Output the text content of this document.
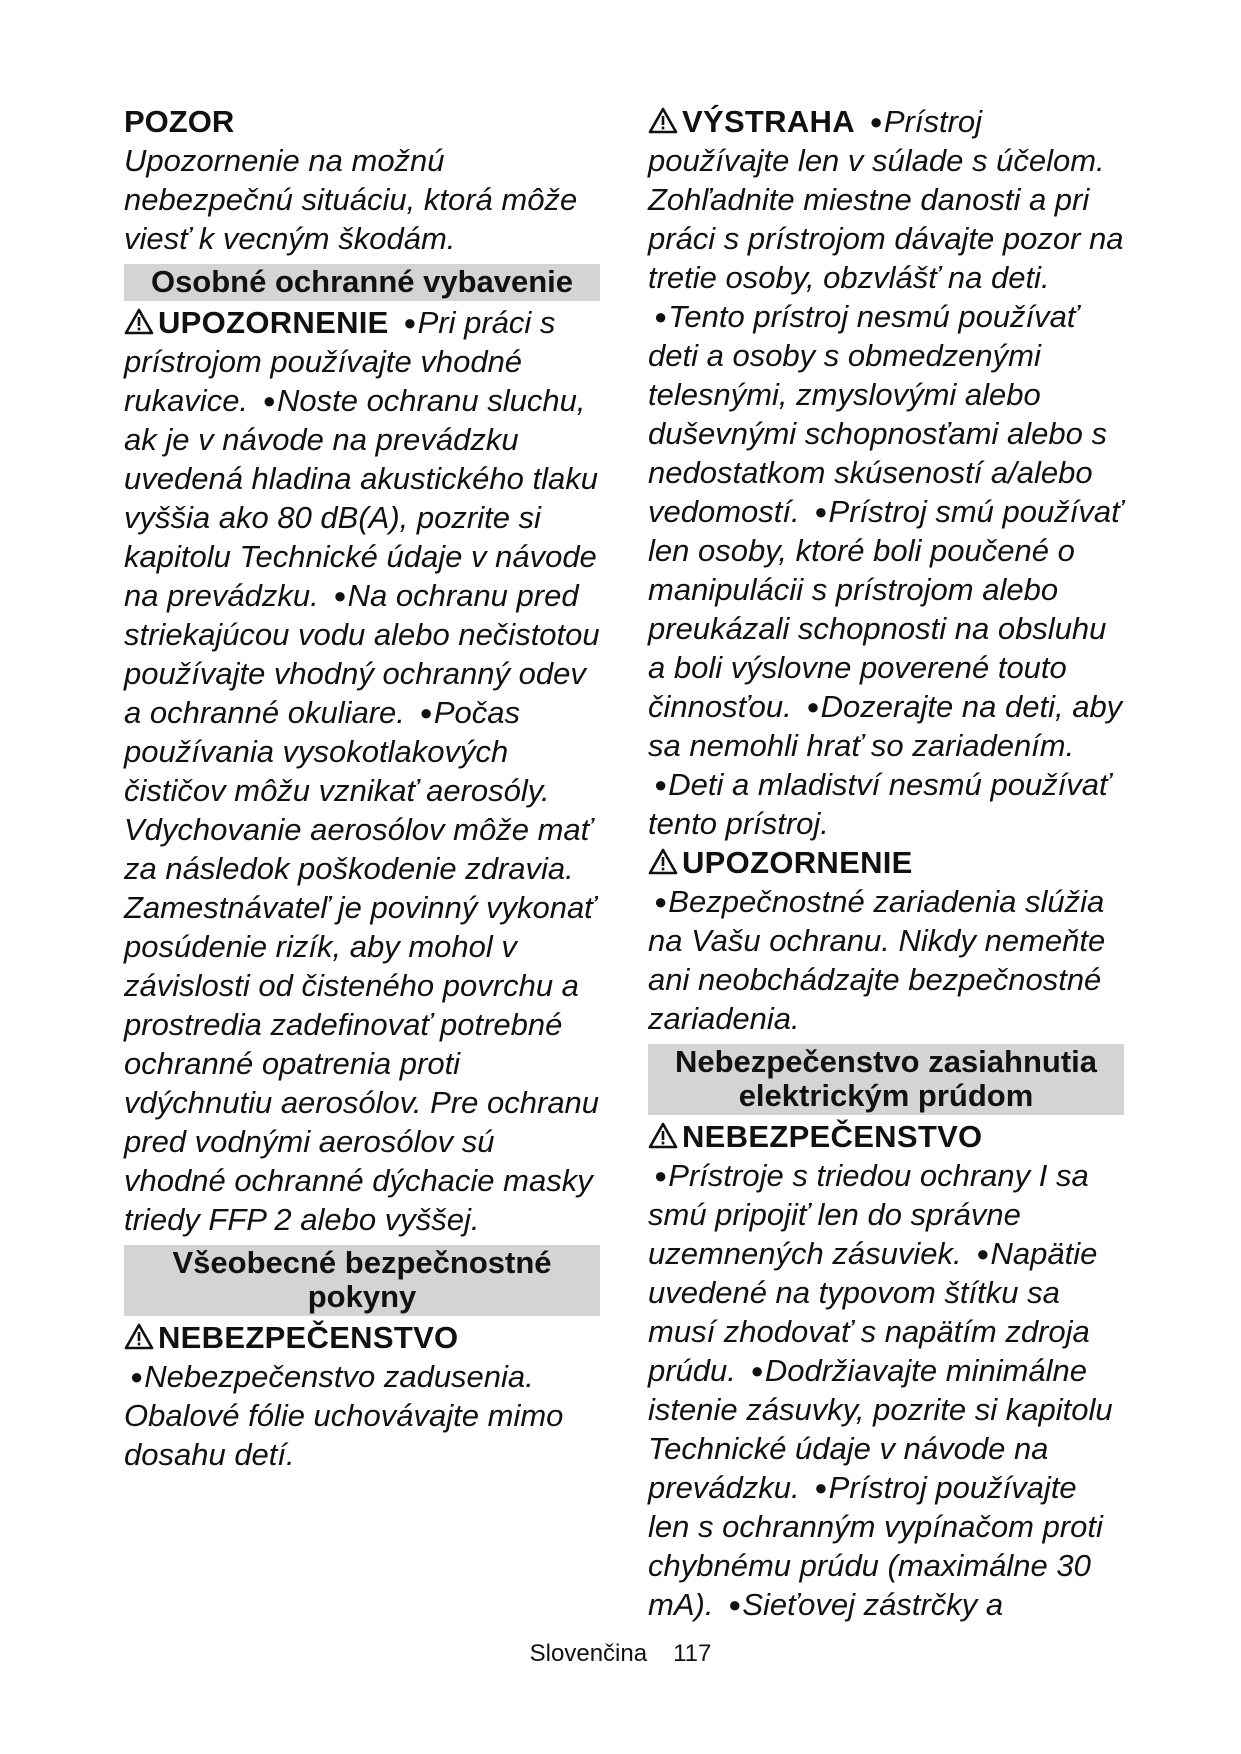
POZOR
Upozornenie na možnú nebezpečnú situáciu, ktorá môže viesť k vecným škodám.

Osobné ochranné vybavenie

UPOZORNENIE ●Pri práci s prístrojom používajte vhodné rukavice. ●Noste ochranu sluchu, ak je v návode na prevádzku uvedená hladina akustického tlaku vyššia ako 80 dB(A), pozrite si kapitolu Technické údaje v návode na prevádzku. ●Na ochranu pred striekajúcou vodu alebo nečistotou používajte vhodný ochranný odev a ochranné okuliare. ●Počas používania vysokotlakových čističov môžu vznikať aerosóly. Vdychovanie aerosólov môže mať za následok poškodenie zdravia. Zamestnávateľ je povinný vykonať posúdenie rizík, aby mohol v závislosti od čisteného povrchu a prostredia zadefinovať potrebné ochranné opatrenia proti vdýchnutiu aerosólov. Pre ochranu pred vodnými aerosólov sú vhodné ochranné dýchacie masky triedy FFP 2 alebo vyššej.

Všeobecné bezpečnostné pokyny

NEBEZPEČENSTVO ●Nebezpečenstvo zadusenia. Obalové fólie uchovávajte mimo dosahu detí.

VÝSTRAHA ●Prístroj používajte len v súlade s účelom. Zohľadnite miestne danosti a pri práci s prístrojom dávajte pozor na tretie osoby, obzvlášť na deti. ●Tento prístroj nesmú používať deti a osoby s obmedzenými telesnými, zmyslovými alebo duševnými schopnosťami alebo s nedostatkom skúseností a/alebo vedomostí. ●Prístroj smú používať len osoby, ktoré boli poučené o manipulácii s prístrojom alebo preukázali schopnosti na obsluhu a boli výslovne poverené touto činnosťou. ●Dozerajte na deti, aby sa nemohli hrať so zariadením. ●Deti a mladiství nesmú používať tento prístroj.

UPOZORNENIE ●Bezpečnostné zariadenia slúžia na Vašu ochranu. Nikdy nemeňte ani neobchádzajte bezpečnostné zariadenia.

Nebezpečenstvo zasiahnutia elektrickým prúdom

NEBEZPEČENSTVO ●Prístroje s triedou ochrany I sa smú pripojiť len do správne uzemnených zásuviek. ●Napätie uvedené na typovom štítku sa musí zhodovať s napätím zdroja prúdu. ●Dodržiavajte minimálne istenie zásuvky, pozrite si kapitolu Technické údaje v návode na prevádzku. ●Prístroj používajte len s ochranným vypínačom proti chybnému prúdu (maximálne 30 mA). ●Sieťovej zástrčky a

Slovenčina 117
